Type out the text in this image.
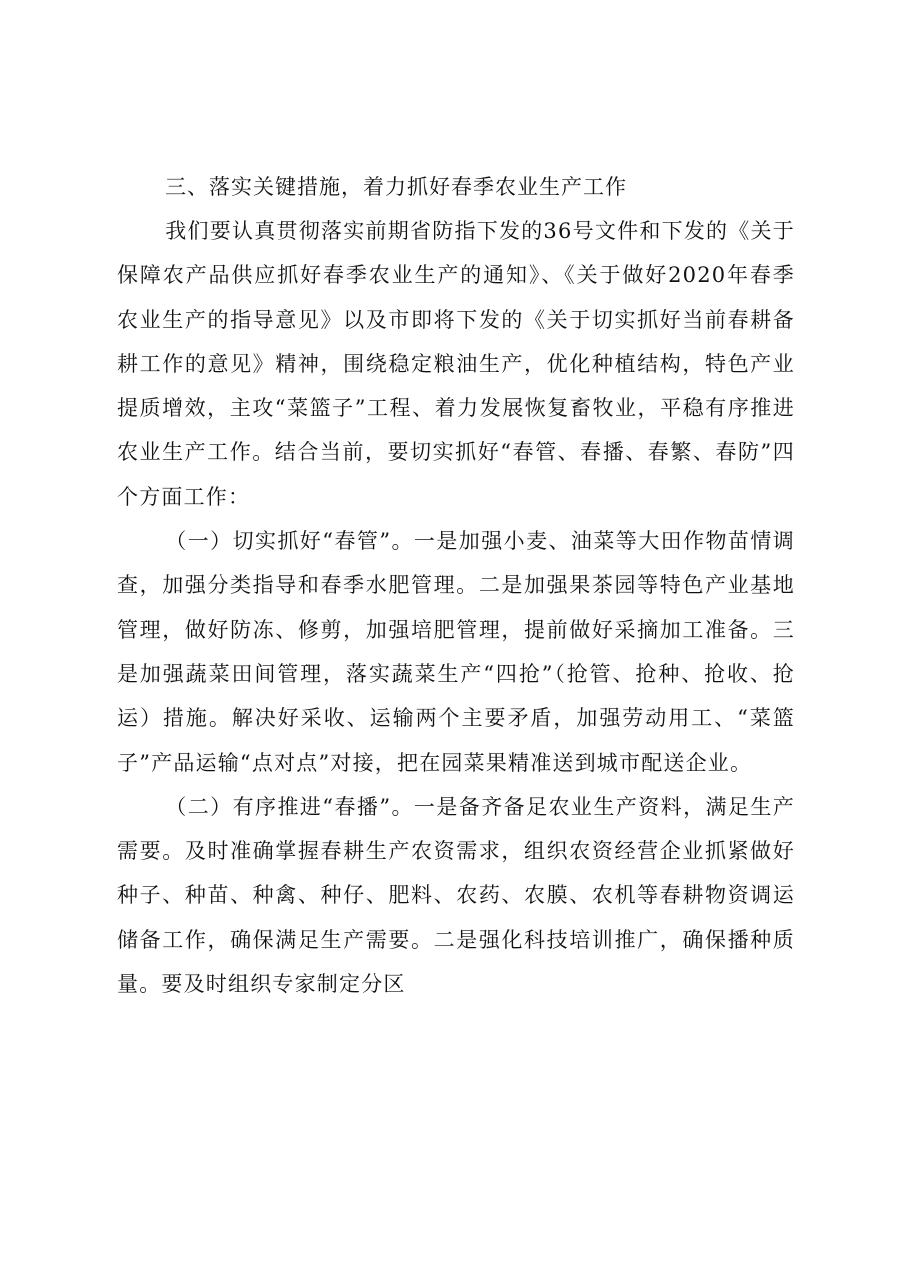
三、落实关键措施，着力抓好春季农业生产工作

我们要认真贯彻落实前期省防指下发的36号文件和下发的《关于保障农产品供应抓好春季农业生产的通知》、《关于做好2020年春季农业生产的指导意见》以及市即将下发的《关于切实抓好当前春耕备耕工作的意见》精神，围绕稳定粮油生产，优化种植结构，特色产业提质增效，主攻“菜篮子”工程、着力发展恢复畜牧业，平稳有序推进农业生产工作。结合当前，要切实抓好“春管、春播、春繁、春防”四个方面工作：

（一）切实抓好“春管”。一是加强小麦、油菜等大田作物苗情调查，加强分类指导和春季水肥管理。二是加强果茶园等特色产业基地管理，做好防冻、修剪，加强培肥管理，提前做好采摘加工准备。三是加强蔬菜田间管理，落实蔬菜生产“四抢”（抢管、抢种、抢收、抢运）措施。解决好采收、运输两个主要矛盾，加强劳动用工、“菜篮子”产品运输“点对点”对接，把在园菜果精准送到城市配送企业。

（二）有序推进“春播”。一是备齐备足农业生产资料，满足生产需要。及时准确掌握春耕生产农资需求，组织农资经营企业抓紧做好种子、种苗、种禽、种仔、肥料、农药、农膜、农机等春耕物资调运储备工作，确保满足生产需要。二是强化科技培训推广，确保播种质量。要及时组织专家制定分区
